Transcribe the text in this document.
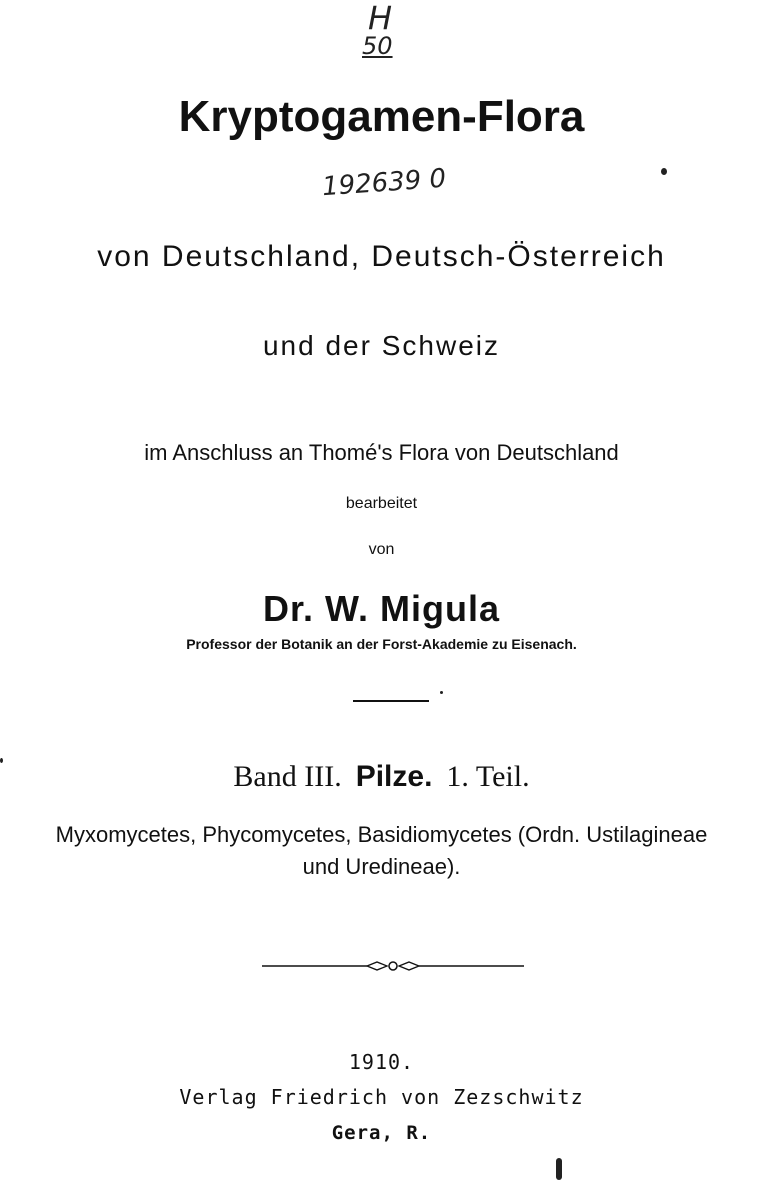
H
50
Kryptogamen-Flora
192639 0
von Deutschland, Deutsch-Österreich
und der Schweiz
im Anschluss an Thomé's Flora von Deutschland
bearbeitet
von
Dr. W. Migula
Professor der Botanik an der Forst-Akademie zu Eisenach.
Band III. Pilze. 1. Teil.
Myxomycetes, Phycomycetes, Basidiomycetes (Ordn. Ustilagineae
und Uredineae).
1910.
Verlag Friedrich von Zezschwitz
Gera, R.
